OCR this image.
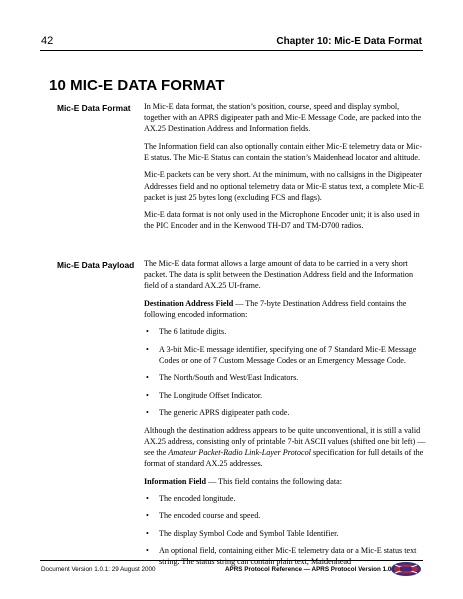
42	Chapter 10: Mic-E Data Format
10 MIC-E DATA FORMAT
Mic-E Data Format In Mic-E data format, the station’s position, course, speed and display symbol, together with an APRS digipeater path and Mic-E Message Code, are packed into the AX.25 Destination Address and Information fields.

The Information field can also optionally contain either Mic-E telemetry data or Mic-E status. The Mic-E Status can contain the station’s Maidenhead locator and altitude.

Mic-E packets can be very short. At the minimum, with no callsigns in the Digipeater Addresses field and no optional telemetry data or Mic-E status text, a complete Mic-E packet is just 25 bytes long (excluding FCS and flags).

Mic-E data format is not only used in the Microphone Encoder unit; it is also used in the PIC Encoder and in the Kenwood TH-D7 and TM-D700 radios.

Mic-E Data Payload The Mic-E data format allows a large amount of data to be carried in a very short packet. The data is split between the Destination Address field and the Information field of a standard AX.25 UI-frame.

Destination Address Field — The 7-byte Destination Address field contains the following encoded information:

• The 6 latitude digits.
• A 3-bit Mic-E message identifier, specifying one of 7 Standard Mic-E Message Codes or one of 7 Custom Message Codes or an Emergency Message Code.
• The North/South and West/East Indicators.
• The Longitude Offset Indicator.
• The generic APRS digipeater path code.

Although the destination address appears to be quite unconventional, it is still a valid AX.25 address, consisting only of printable 7-bit ASCII values (shifted one bit left) — see the Amateur Packet-Radio Link-Layer Protocol specification for full details of the format of standard AX.25 addresses.

Information Field — This field contains the following data:

• The encoded longitude.
• The encoded course and speed.
• The display Symbol Code and Symbol Table Identifier.
• An optional field, containing either Mic-E telemetry data or a Mic-E status text string. The status string can contain plain text, Maidenhead
Document Version 1.0.1: 29 August 2000	APRS Protocol Reference — APRS Protocol Version 1.0
